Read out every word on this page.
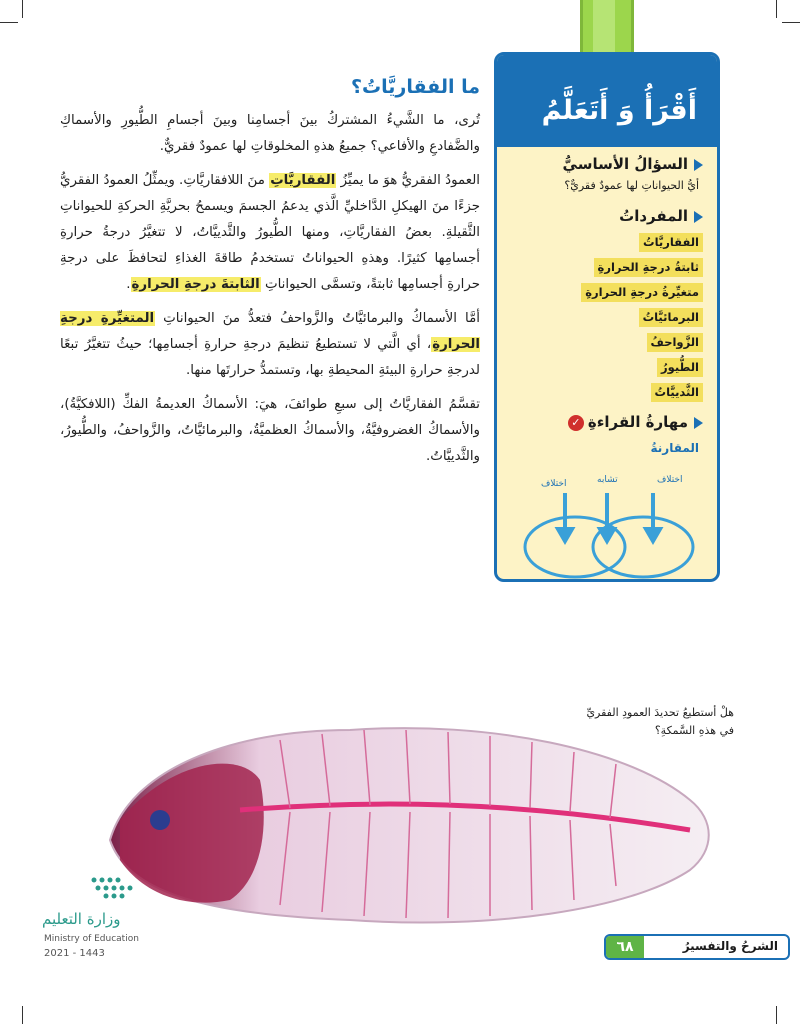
ما الفقاريَّاتُ؟

تُرى، ما الشَّيءُ المشتركُ بينَ أجسامِنا وبينَ أجسامِ الطُّيورِ والأسماكِ والضَّفادعِ والأفاعي؟ جميعُ هذهِ المخلوقاتِ لها عمودٌ فقريٌّ.

العمودُ الفقريُّ هوَ ما يميِّزُ الفقاريَّاتِ منَ اللافقاريَّاتِ. ويمثِّلُ العمودُ الفقريُّ جزءًا منَ الهيكلِ الدَّاخليِّ الَّذي يدعمُ الجسمَ ويسمحُ بحريَّةِ الحركةِ للحيواناتِ الثَّقيلةِ. بعضُ الفقاريَّاتِ، ومنها الطُّيورُ والثَّدييَّاتُ، لا تتغيَّرُ درجةُ حرارةِ أجسامِها كثيرًا. وهذهِ الحيواناتُ تستخدمُ طاقةَ الغذاءِ لتحافظَ على درجةِ حرارةِ أجسامِها ثابتةً، وتسمَّى الحيواناتِ الثابتةَ درجةِ الحرارةِ.

أمَّا الأسماكُ والبرمائيَّاتُ والزَّواحفُ فتعدُّ منَ الحيواناتِ المتغيِّرةِ درجةِ الحرارةِ، أي الَّتي لا تستطيعُ تنظيمَ درجةِ حرارةِ أجسامِها؛ حيثُ تتغيَّرُ تبعًا لدرجةِ حرارةِ البيئةِ المحيطةِ بها، وتستمدُّ حرارتَها منها.

تقسَّمُ الفقاريَّاتُ إلى سبعِ طوائفَ، هيَ: الأسماكُ العديمةُ الفكِّ (اللافكيَّةُ)، والأسماكُ الغضروفيَّةُ، والأسماكُ العظميَّةُ، والبرمائيَّاتُ، والزَّواحفُ، والطُّيورُ، والثَّدييَّاتُ.

أَقْرَأُ وَ أَتَعَلَّمُ
السؤالُ الأساسيُّ
أيُّ الحيواناتِ لها عمودٌ فقريٌّ؟
المفرداتُ
الفقاريَّاتُ
ثابتةُ درجةِ الحرارةِ
متغيِّرةُ درجةِ الحرارةِ
البرمائيَّاتُ
الزَّواحفُ
الطُّيورُ
الثَّدييَّاتُ
مهارةُ القراءةِ✓
المقارنةُ
اختلاف	تشابه	اختلاف
هلْ أستطيعُ تحديدَ العمودِ الفقريِّ في هذهِ السَّمكةِ؟
وزارة التعليم
Ministry of Education
2021 - 1443	٦٨	الشرحُ والتفسيرُ
